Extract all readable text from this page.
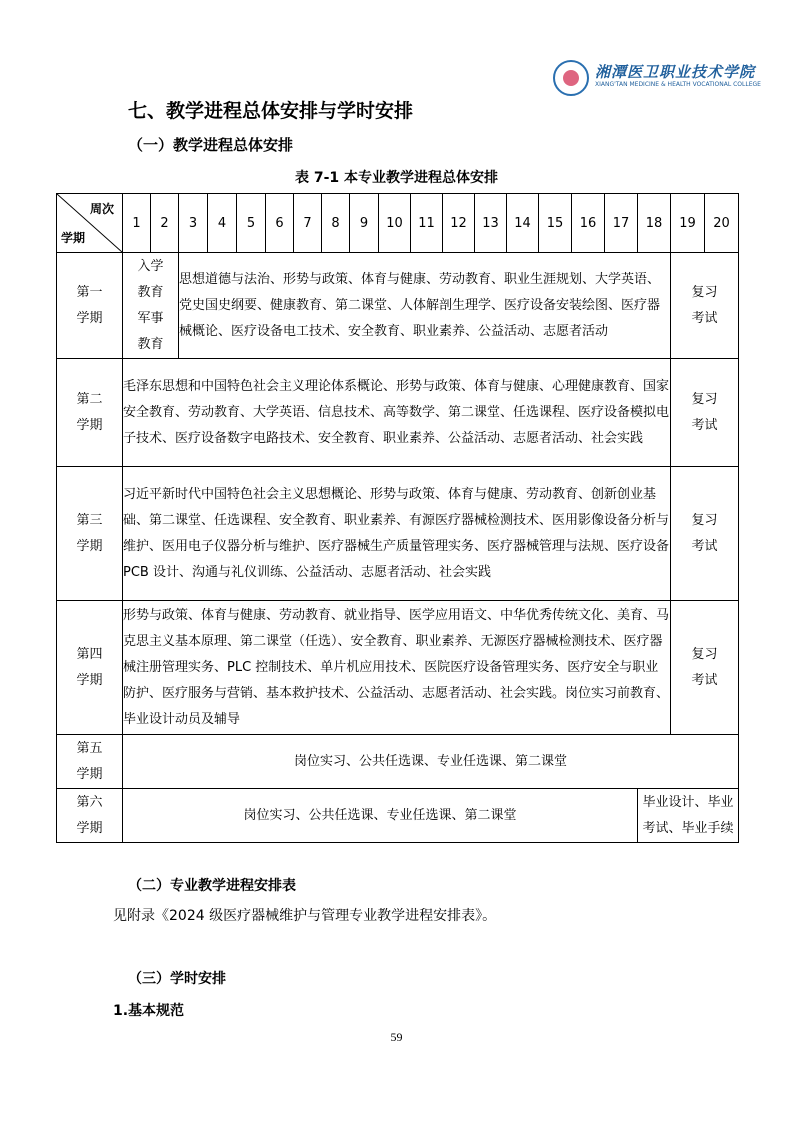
湘潭医卫职业技术学院
XIANG'TAN MEDICINE & HEALTH VOCATIONAL COLLEGE
七、教学进程总体安排与学时安排
（一）教学进程总体安排
表 7-1 本专业教学进程总体安排
周次
学期	1	2	3	4	5	6	7	8	9	10	11	12	13	14	15	16	17	18	19	20

第一学期	入学教育军事教育		思想道德与法治、形势与政策、体育与健康、劳动教育、职业生涯规划、大学英语、党史国史纲要、健康教育、第二课堂、人体解剖生理学、医疗设备安装绘图、医疗器械概论、医疗设备电工技术、安全教育、职业素养、公益活动、志愿者活动																复习考试	

第二学期	毛泽东思想和中国特色社会主义理论体系概论、形势与政策、体育与健康、心理健康教育、国家安全教育、劳动教育、大学英语、信息技术、高等数学、第二课堂、任选课程、医疗设备模拟电子技术、医疗设备数字电路技术、安全教育、职业素养、公益活动、志愿者活动、社会实践																		复习考试	

第三学期	习近平新时代中国特色社会主义思想概论、形势与政策、体育与健康、劳动教育、创新创业基础、第二课堂、任选课程、安全教育、职业素养、有源医疗器械检测技术、医用影像设备分析与维护、医用电子仪器分析与维护、医疗器械生产质量管理实务、医疗器械管理与法规、医疗设备 PCB 设计、沟通与礼仪训练、公益活动、志愿者活动、社会实践																		复习考试	

第四学期	形势与政策、体育与健康、劳动教育、就业指导、医学应用语文、中华优秀传统文化、美育、马克思主义基本原理、第二课堂（任选）、安全教育、职业素养、无源医疗器械检测技术、医疗器械注册管理实务、PLC 控制技术、单片机应用技术、医院医疗设备管理实务、医疗安全与职业防护、医疗服务与营销、基本救护技术、公益活动、志愿者活动、社会实践。岗位实习前教育、毕业设计动员及辅导																		复习考试	

第五学期	岗位实习、公共任选课、专业任选课、第二课堂																			

第六学期	岗位实习、公共任选课、专业任选课、第二课堂																	毕业设计、毕业考试、毕业手续		
（二）专业教学进程安排表
见附录《2024 级医疗器械维护与管理专业教学进程安排表》。
（三）学时安排
1.基本规范
59
